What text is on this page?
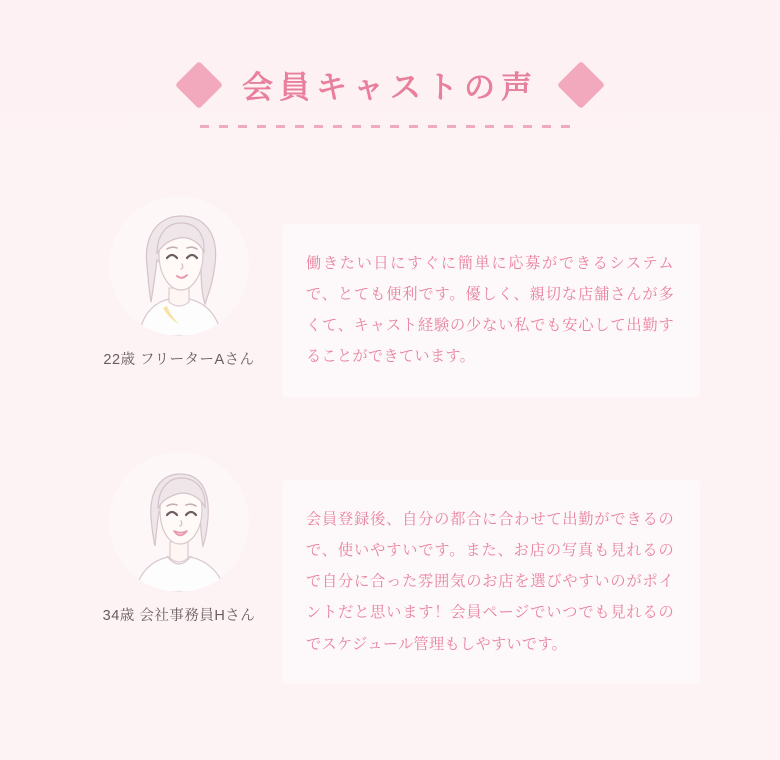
会員キャストの声
22歳 フリーターAさん

働きたい日にすぐに簡単に応募ができるシステムで、とても便利です。優しく、親切な店舗さんが多くて、キャスト経験の少ない私でも安心して出勤することができています。

34歳 会社事務員Hさん

会員登録後、自分の都合に合わせて出勤ができるので、使いやすいです。また、お店の写真も見れるので自分に合った雰囲気のお店を選びやすいのがポイントだと思います！会員ページでいつでも見れるのでスケジュール管理もしやすいです。
